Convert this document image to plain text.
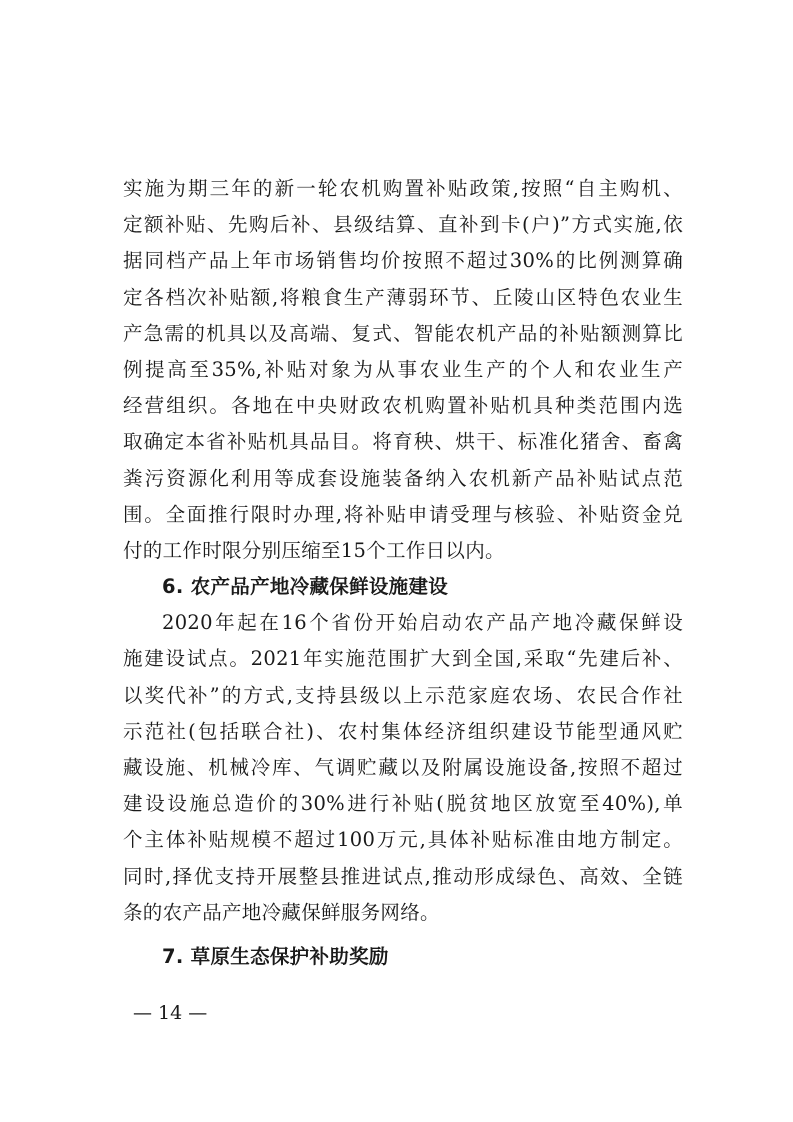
实施为期三年的新一轮农机购置补贴政策,按照“自主购机、
定额补贴、先购后补、县级结算、直补到卡(户)”方式实施,依
据同档产品上年市场销售均价按照不超过30%的比例测算确
定各档次补贴额,将粮食生产薄弱环节、丘陵山区特色农业生
产急需的机具以及高端、复式、智能农机产品的补贴额测算比
例提高至35%,补贴对象为从事农业生产的个人和农业生产
经营组织。各地在中央财政农机购置补贴机具种类范围内选
取确定本省补贴机具品目。将育秧、烘干、标准化猪舍、畜禽
粪污资源化利用等成套设施装备纳入农机新产品补贴试点范
围。全面推行限时办理,将补贴申请受理与核验、补贴资金兑
付的工作时限分别压缩至15个工作日以内。
6. 农产品产地冷藏保鲜设施建设
2020年起在16个省份开始启动农产品产地冷藏保鲜设
施建设试点。2021年实施范围扩大到全国,采取“先建后补、
以奖代补”的方式,支持县级以上示范家庭农场、农民合作社
示范社(包括联合社)、农村集体经济组织建设节能型通风贮
藏设施、机械冷库、气调贮藏以及附属设施设备,按照不超过
建设设施总造价的30%进行补贴(脱贫地区放宽至40%),单
个主体补贴规模不超过100万元,具体补贴标准由地方制定。
同时,择优支持开展整县推进试点,推动形成绿色、高效、全链
条的农产品产地冷藏保鲜服务网络。
7. 草原生态保护补助奖励
— 14 —
